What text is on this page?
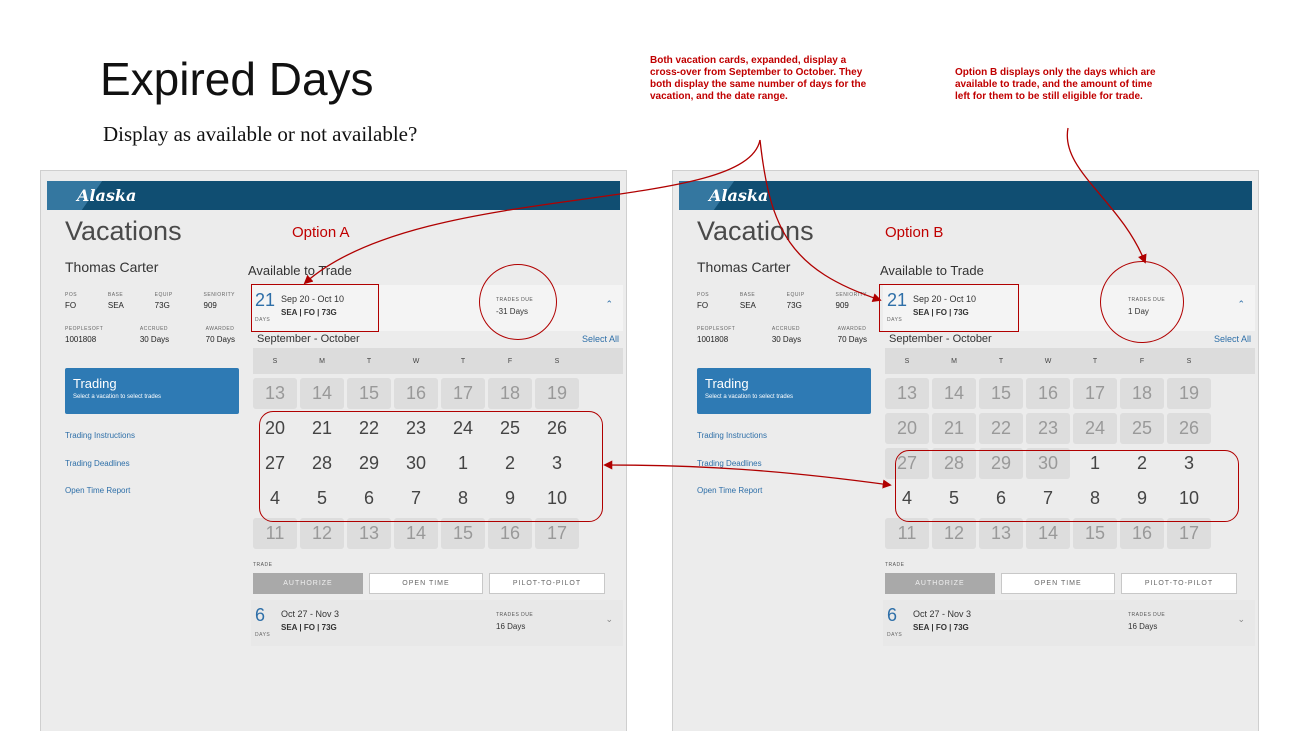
Expired Days
Display as available or not available?
Both vacation cards, expanded, display a cross-over from September to October. They both display the same number of days for the vacation, and the date range.
Option B displays only the days which are available to trade, and the amount of time left for them to be still eligible for trade.
Alaska
Vacations	Option A
Thomas Carter
POS
FO
BASE
SEA
EQUIP
73G
SENIORITY
909
PEOPLESOFT
1001808
ACCRUED
30 Days
AWARDED
70 Days
Trading
Select a vacation to select trades
Trading Instructions
Trading Deadlines
Open Time Report
Available to Trade
21
DAYS
Sep 20 - Oct 10
SEA | FO | 73G
TRADES DUE
-31 Days
⌃
September - October	Select All
S	M	T	W	T	F	S
13	14	15	16	17	18	19
20	21	22	23	24	25	26
27	28	29	30	1	2	3
4	5	6	7	8	9	10
11	12	13	14	15	16	17
TRADE
AUTHORIZE	OPEN TIME	PILOT-TO-PILOT
6
DAYS
Oct 27 - Nov 3
SEA | FO | 73G
TRADES DUE
16 Days
⌄
Alaska
Vacations	Option B
Thomas Carter
POS
FO
BASE
SEA
EQUIP
73G
SENIORITY
909
PEOPLESOFT
1001808
ACCRUED
30 Days
AWARDED
70 Days
Trading
Select a vacation to select trades
Trading Instructions
Trading Deadlines
Open Time Report
Available to Trade
21
DAYS
Sep 20 - Oct 10
SEA | FO | 73G
TRADES DUE
1 Day
⌃
September - October	Select All
S	M	T	W	T	F	S
13	14	15	16	17	18	19
20	21	22	23	24	25	26
27	28	29	30	1	2	3
4	5	6	7	8	9	10
11	12	13	14	15	16	17
TRADE
AUTHORIZE	OPEN TIME	PILOT-TO-PILOT
6
DAYS
Oct 27 - Nov 3
SEA | FO | 73G
TRADES DUE
16 Days
⌄
